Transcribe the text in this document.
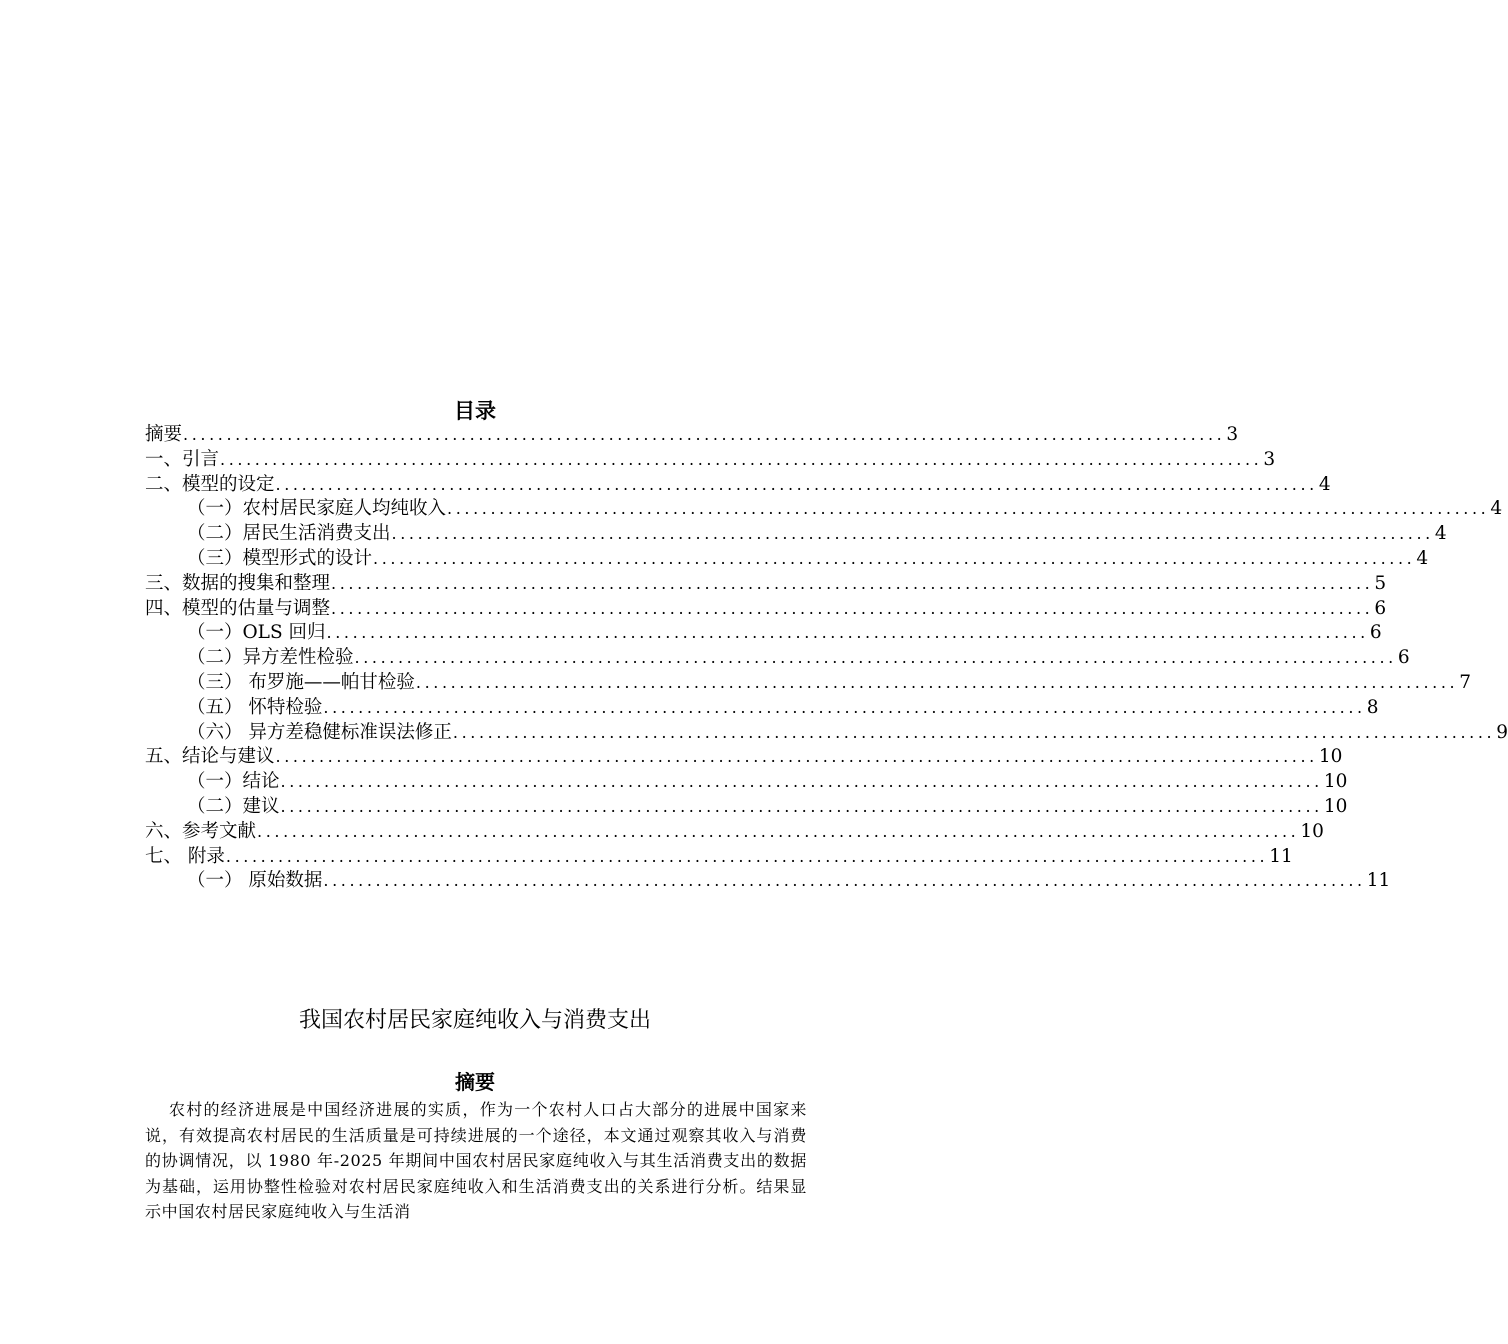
目录
摘要 ........................................................................................................................ 3
一、引言 ........................................................................................................................ 3
二、模型的设定 ........................................................................................................................ 4
（一）农村居民家庭人均纯收入 ........................................................................................................................ 4
（二）居民生活消费支出 ........................................................................................................................ 4
（三）模型形式的设计 ........................................................................................................................ 4
三、数据的搜集和整理 ........................................................................................................................ 5
四、模型的估量与调整 ........................................................................................................................ 6
（一）OLS 回归 ........................................................................................................................ 6
（二）异方差性检验 ........................................................................................................................ 6
（三） 布罗施——帕甘检验 ........................................................................................................................ 7
（五） 怀特检验 ........................................................................................................................ 8
（六） 异方差稳健标准误法修正 ........................................................................................................................ 9
五、结论与建议 ........................................................................................................................ 10
（一）结论 ........................................................................................................................ 10
（二）建议 ........................................................................................................................ 10
六、参考文献 ........................................................................................................................ 10
七、 附录 ........................................................................................................................ 11
（一） 原始数据 ........................................................................................................................ 11
我国农村居民家庭纯收入与消费支出
摘要

农村的经济进展是中国经济进展的实质，作为一个农村人口占大部分的进展中国家来说，有效提高农村居民的生活质量是可持续进展的一个途径，本文通过观察其收入与消费的协调情况，以 1980 年-2025 年期间中国农村居民家庭纯收入与其生活消费支出的数据为基础，运用协整性检验对农村居民家庭纯收入和生活消费支出的关系进行分析。结果显示中国农村居民家庭纯收入与生活消
